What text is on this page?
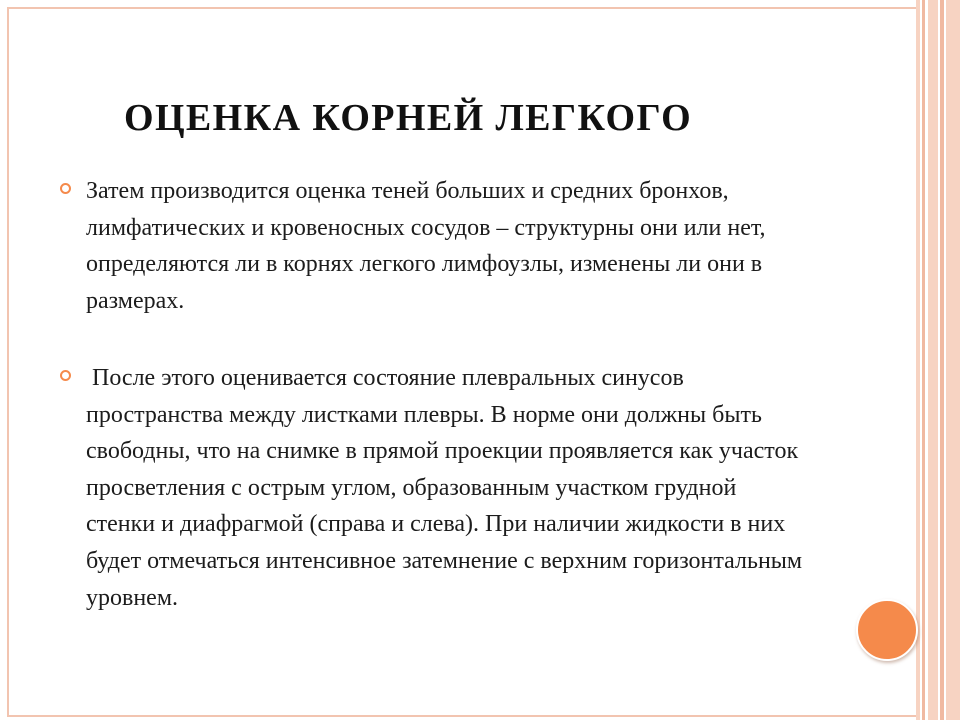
ОЦЕНКА КОРНЕЙ ЛЕГКОГО

Затем производится оценка теней больших и средних бронхов, лимфатических и кровеносных сосудов – структурны они или нет, определяются ли в корнях легкого лимфоузлы, изменены ли они в размерах.

После этого оценивается состояние плевральных синусов пространства между листками плевры. В норме они должны быть свободны, что на снимке в прямой проекции проявляется как участок просветления с острым углом, образованным участком грудной стенки и диафрагмой (справа и слева). При наличии жидкости в них будет отмечаться интенсивное затемнение с верхним горизонтальным уровнем.
